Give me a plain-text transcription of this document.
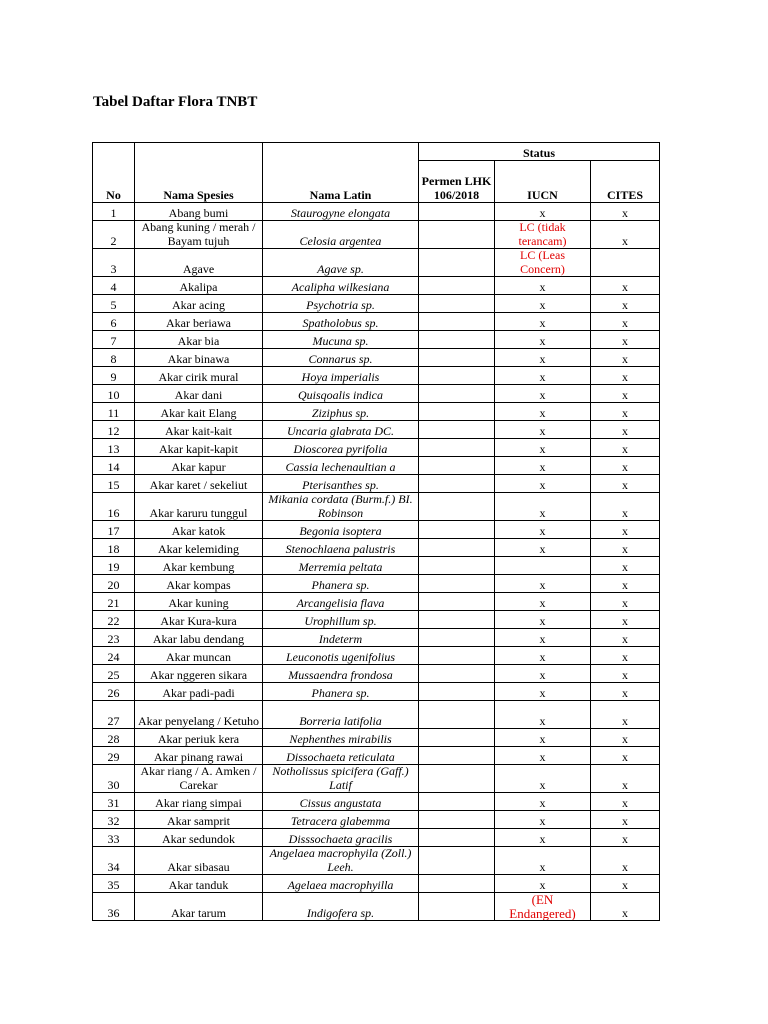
Tabel Daftar Flora TNBT
No	Nama Spesies	Nama Latin	Status		
			Permen LHK 106/2018	IUCN	CITES
1	Abang bumi	Staurogyne elongata		x	x
2	Abang kuning / merah / Bayam tujuh	Celosia argentea		LC (tidak terancam)	x
3	Agave	Agave sp.		LC (Leas Concern)	
4	Akalipa	Acalipha wilkesiana		x	x
5	Akar acing	Psychotria sp.		x	x
6	Akar beriawa	Spatholobus sp.		x	x
7	Akar bia	Mucuna sp.		x	x
8	Akar binawa	Connarus sp.		x	x
9	Akar cirik mural	Hoya imperialis		x	x
10	Akar dani	Quisqoalis indica		x	x
11	Akar kait Elang	Ziziphus sp.		x	x
12	Akar kait-kait	Uncaria glabrata DC.		x	x
13	Akar kapit-kapit	Dioscorea pyrifolia		x	x
14	Akar kapur	Cassia lechenaultian a		x	x
15	Akar karet / sekeliut	Pterisanthes sp.		x	x
16	Akar karuru tunggul	Mikania cordata (Burm.f.) BI. Robinson		x	x
17	Akar katok	Begonia isoptera		x	x
18	Akar kelemiding	Stenochlaena palustris		x	x
19	Akar kembung	Merremia peltata			x
20	Akar kompas	Phanera sp.		x	x
21	Akar kuning	Arcangelisia flava		x	x
22	Akar Kura-kura	Urophillum sp.		x	x
23	Akar labu dendang	Indeterm		x	x
24	Akar muncan	Leuconotis ugenifolius		x	x
25	Akar nggeren sikara	Mussaendra frondosa		x	x
26	Akar padi-padi	Phanera sp.		x	x
27	Akar penyelang / Ketuho	Borreria latifolia		x	x
28	Akar periuk kera	Nephenthes mirabilis		x	x
29	Akar pinang rawai	Dissochaeta reticulata		x	x
30	Akar riang / A. Amken / Carekar	Notholissus spicifera (Gaff.) Latif		x	x
31	Akar riang simpai	Cissus angustata		x	x
32	Akar samprit	Tetracera glabemma		x	x
33	Akar sedundok	Disssochaeta gracilis		x	x
34	Akar sibasau	Angelaea macrophyila (Zoll.) Leeh.		x	x
35	Akar tanduk	Agelaea macrophyilla		x	x
36	Akar tarum	Indigofera sp.		(EN Endangered)	x
